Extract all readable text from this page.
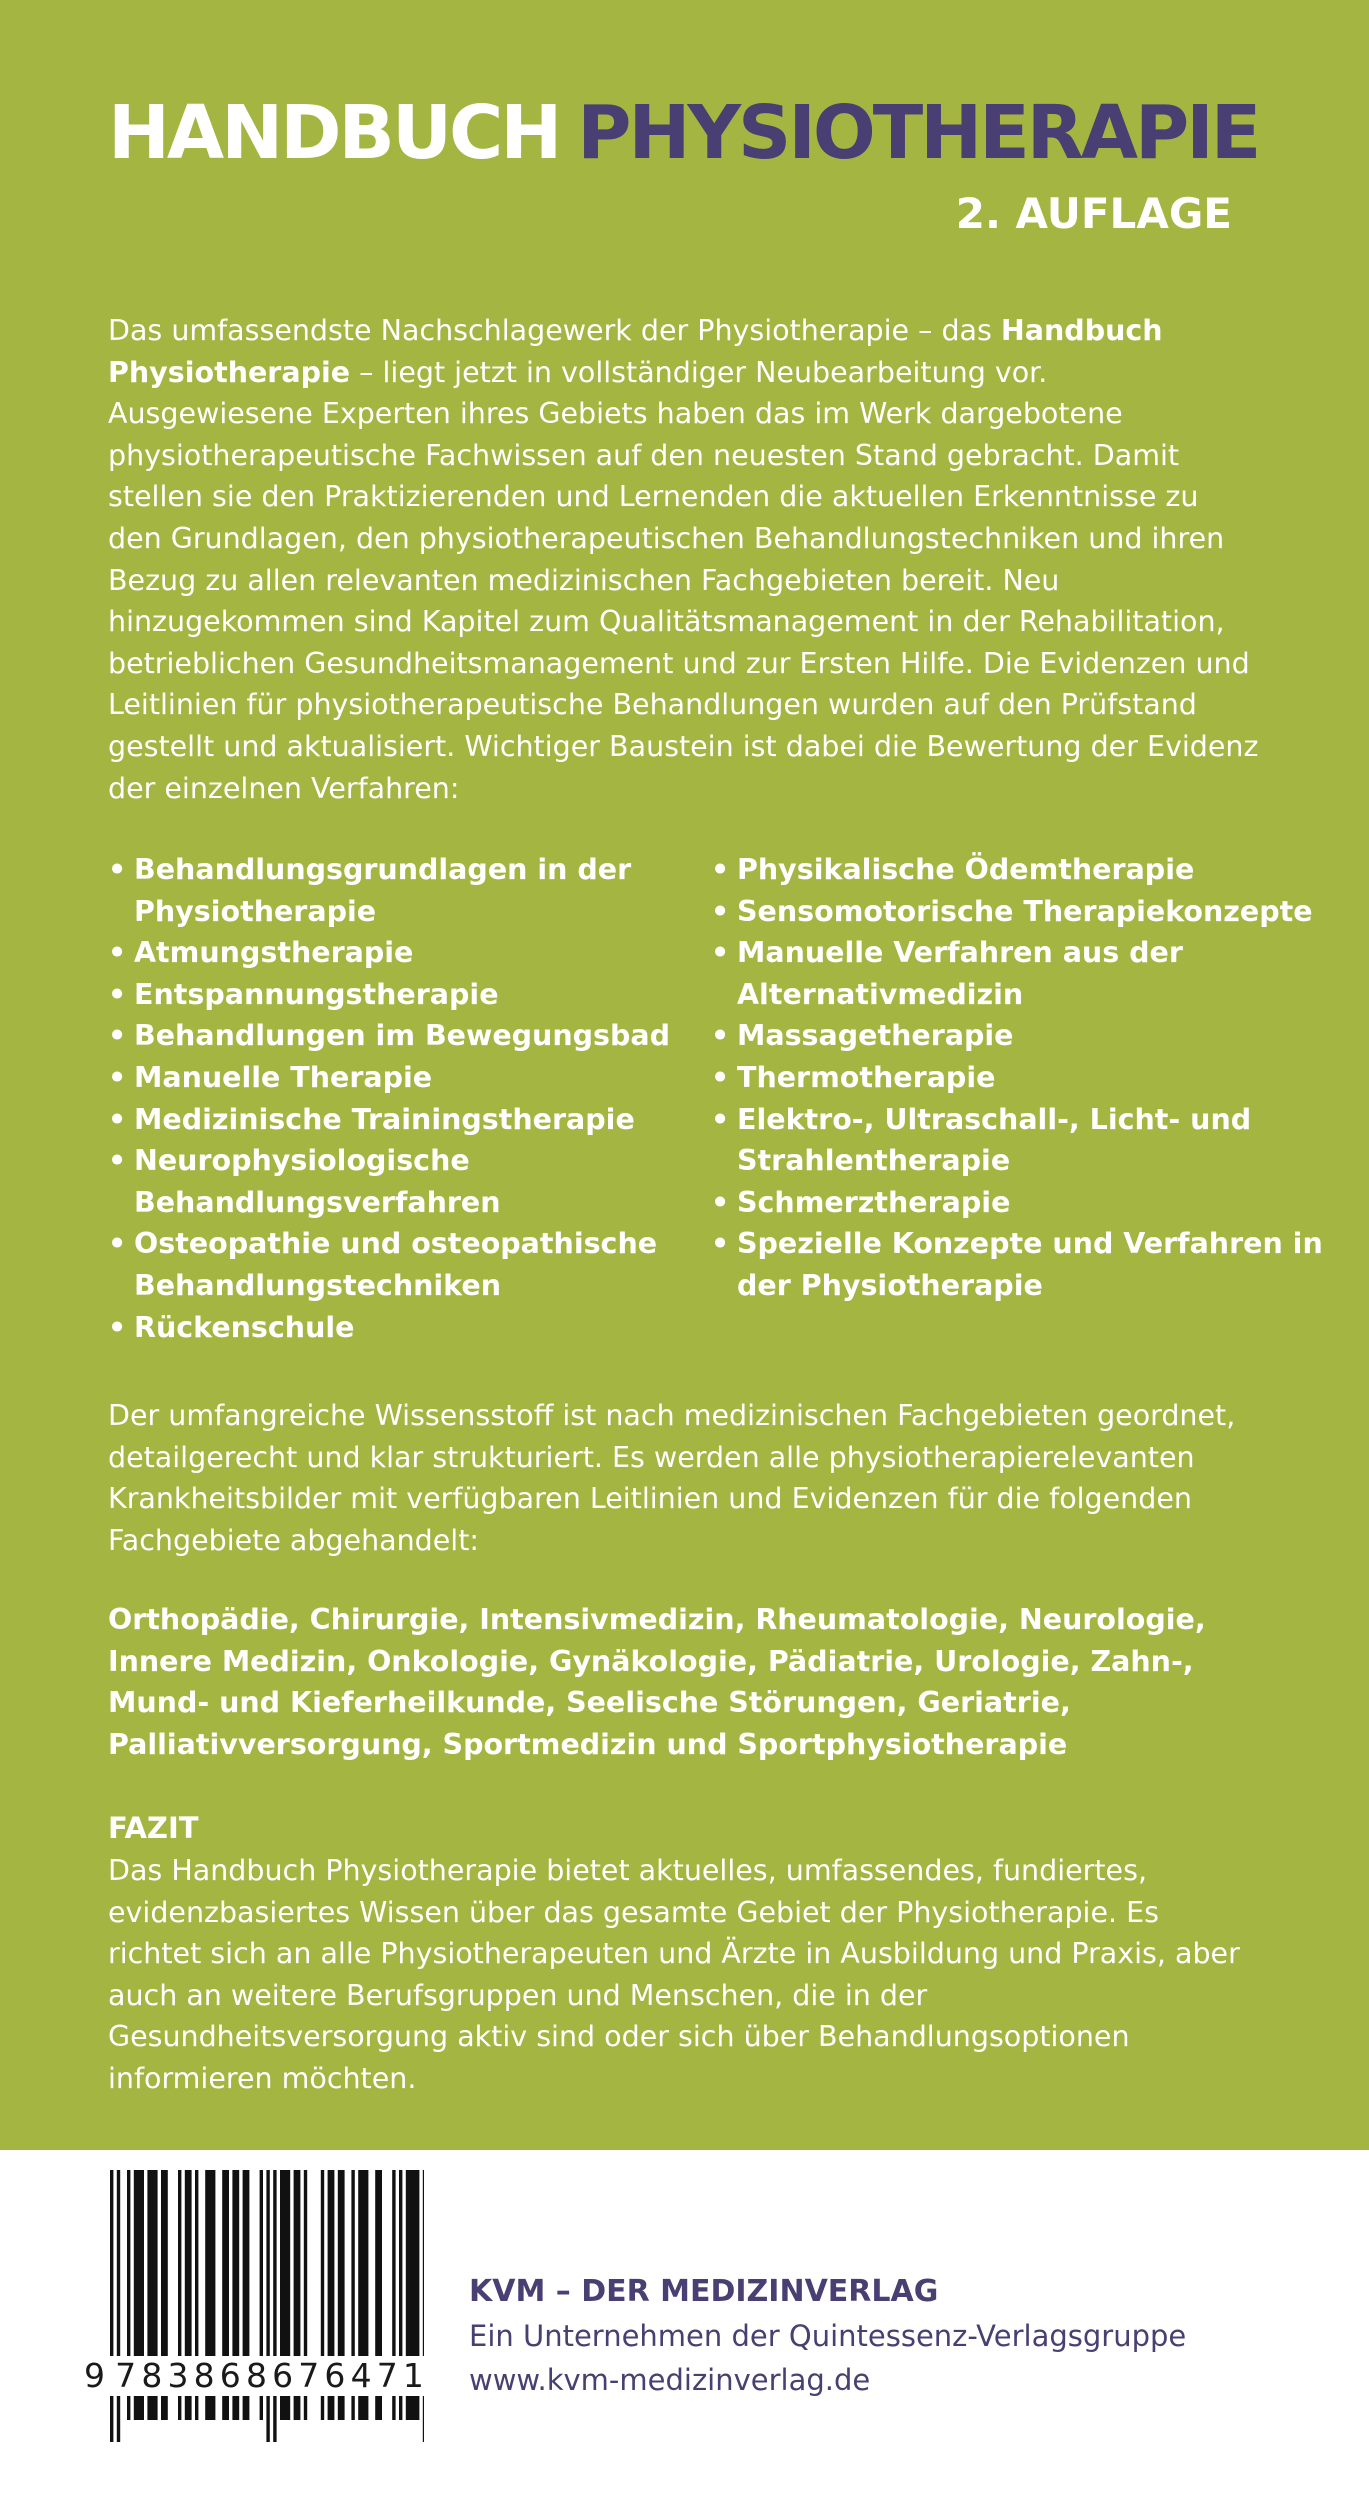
HANDBUCH PHYSIOTHERAPIE
2. AUFLAGE
Das umfassendste Nachschlagewerk der Physiotherapie – das Handbuch Physiotherapie – liegt jetzt in vollständiger Neubearbeitung vor. Ausgewiesene Experten ihres Gebiets haben das im Werk dargebotene physiotherapeutische Fachwissen auf den neuesten Stand gebracht. Damit stellen sie den Praktizierenden und Lernenden die aktuellen Erkenntnisse zu den Grundlagen, den physiotherapeutischen Behandlungstechniken und ihren Bezug zu allen relevanten medizinischen Fachgebieten bereit. Neu hinzugekommen sind Kapitel zum Qualitätsmanagement in der Rehabilitation, betrieblichen Gesundheitsmanagement und zur Ersten Hilfe. Die Evidenzen und Leitlinien für physiotherapeutische Behandlungen wurden auf den Prüfstand gestellt und aktualisiert. Wichtiger Baustein ist dabei die Bewertung der Evidenz der einzelnen Verfahren:
• Behandlungsgrundlagen in der Physiotherapie
• Atmungstherapie
• Entspannungstherapie
• Behandlungen im Bewegungsbad
• Manuelle Therapie
• Medizinische Trainingstherapie
• Neurophysiologische Behandlungsverfahren
• Osteopathie und osteopathische Behandlungstechniken
• Rückenschule
• Physikalische Ödemtherapie
• Sensomotorische Therapiekonzepte
• Manuelle Verfahren aus der Alternativmedizin
• Massagetherapie
• Thermotherapie
• Elektro-, Ultraschall-, Licht- und Strahlentherapie
• Schmerztherapie
• Spezielle Konzepte und Verfahren in der Physiotherapie
Der umfangreiche Wissensstoff ist nach medizinischen Fachgebieten geordnet, detailgerecht und klar strukturiert. Es werden alle physiotherapierelevanten Krankheitsbilder mit verfügbaren Leitlinien und Evidenzen für die folgenden Fachgebiete abgehandelt:
Orthopädie, Chirurgie, Intensivmedizin, Rheumatologie, Neurologie, Innere Medizin, Onkologie, Gynäkologie, Pädiatrie, Urologie, Zahn-, Mund- und Kieferheilkunde, Seelische Störungen, Geriatrie, Palliativversorgung, Sportmedizin und Sportphysiotherapie
FAZIT
Das Handbuch Physiotherapie bietet aktuelles, umfassendes, fundiertes, evidenzbasiertes Wissen über das gesamte Gebiet der Physiotherapie. Es richtet sich an alle Physiotherapeuten und Ärzte in Ausbildung und Praxis, aber auch an weitere Berufsgruppen und Menschen, die in der Gesundheitsversorgung aktiv sind oder sich über Behandlungsoptionen informieren möchten.
9 7 8 3 8 6 8 6 7 6 4 7 1
KVM – DER MEDIZINVERLAG
Ein Unternehmen der Quintessenz-Verlagsgruppe
www.kvm-medizinverlag.de
